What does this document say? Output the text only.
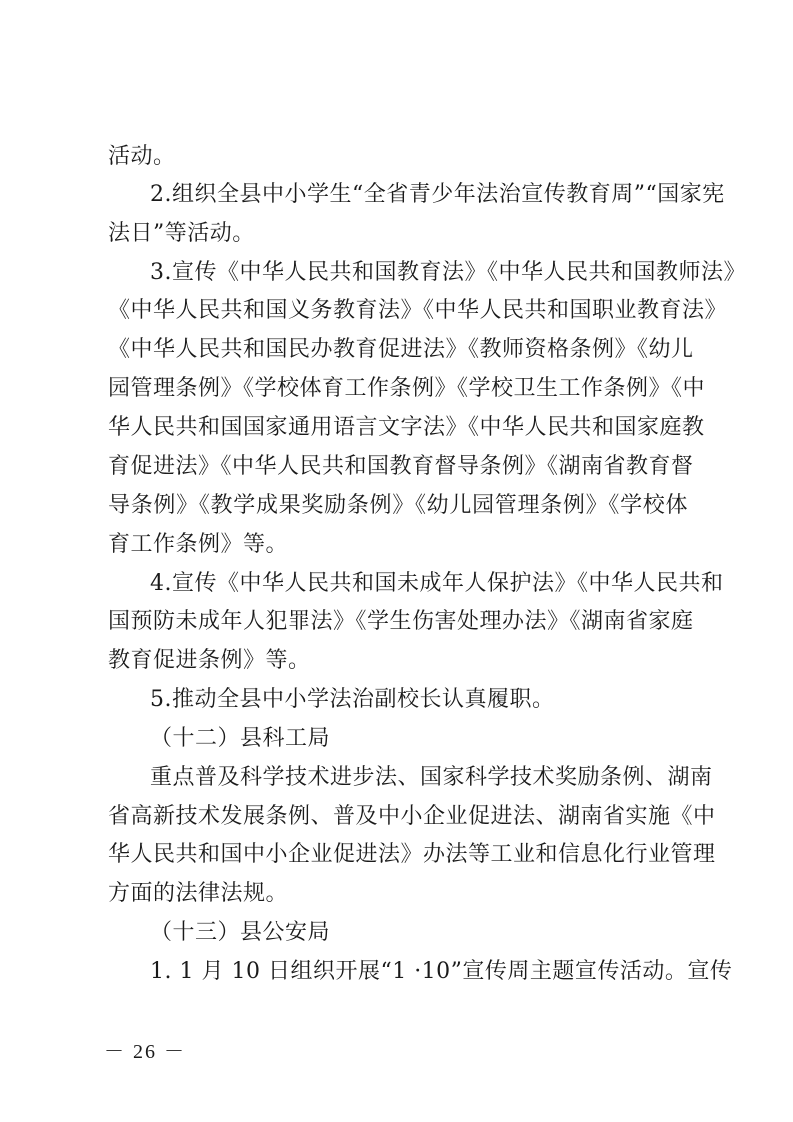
活动。
2.组织全县中小学生“全省青少年法治宣传教育周”“国家宪
法日”等活动。
3.宣传《中华人民共和国教育法》《中华人民共和国教师法》
《中华人民共和国义务教育法》《中华人民共和国职业教育法》
《中华人民共和国民办教育促进法》《教师资格条例》《幼儿
园管理条例》《学校体育工作条例》《学校卫生工作条例》《中
华人民共和国国家通用语言文字法》《中华人民共和国家庭教
育促进法》《中华人民共和国教育督导条例》《湖南省教育督
导条例》《教学成果奖励条例》《幼儿园管理条例》《学校体
育工作条例》等。
4.宣传《中华人民共和国未成年人保护法》《中华人民共和
国预防未成年人犯罪法》《学生伤害处理办法》《湖南省家庭
教育促进条例》等。
5.推动全县中小学法治副校长认真履职。
（十二）县科工局
重点普及科学技术进步法、国家科学技术奖励条例、湖南
省高新技术发展条例、普及中小企业促进法、湖南省实施《中
华人民共和国中小企业促进法》办法等工业和信息化行业管理
方面的法律法规。
（十三）县公安局
1. 1 月 10 日组织开展“1 ·10”宣传周主题宣传活动。宣传
－ 26 －
